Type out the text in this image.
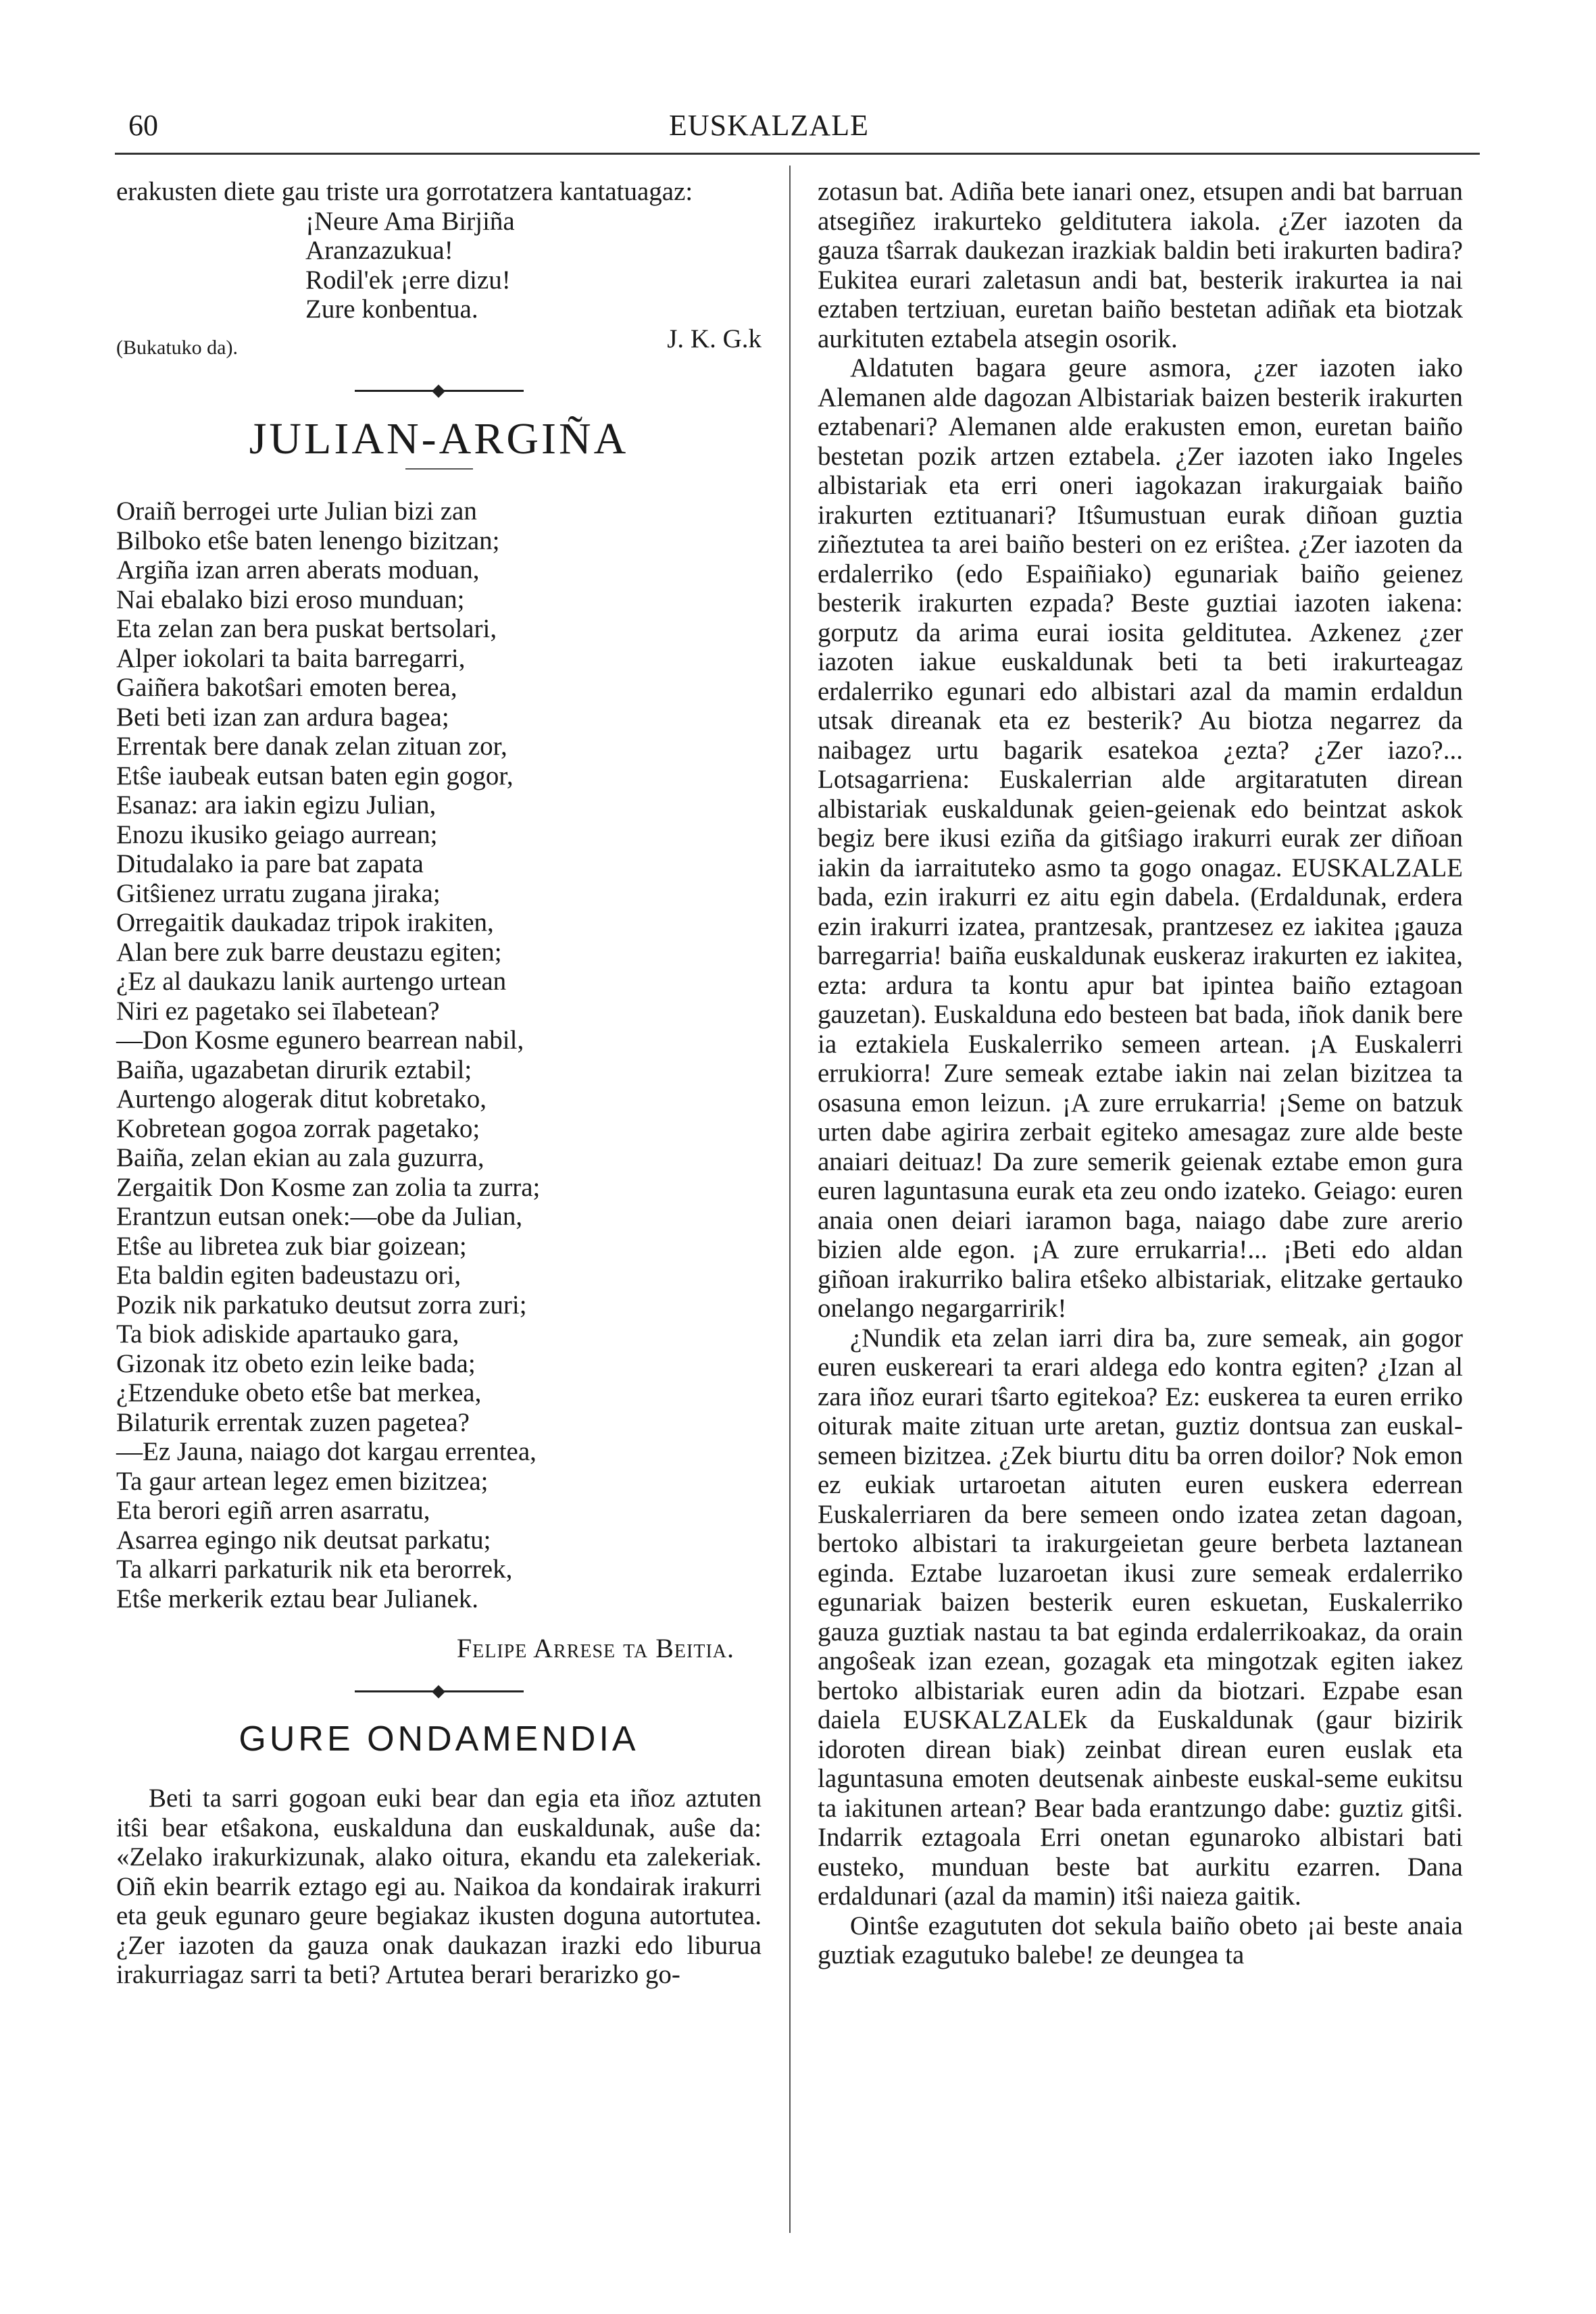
60	EUSKALZALE

erakusten diete gau triste ura gorrotatzera kantatuagaz:

¡Neure Ama Birjiña

Aranzazukua!

Rodil'ek ¡erre dizu!

Zure konbentua.

J. K. G.k

(Bukatuko da).

JULIAN-ARGIÑA

Oraiñ berrogei urte Julian bizi zan

Bilboko etŝe baten lenengo bizitzan;

Argiña izan arren aberats moduan,

Nai ebalako bizi eroso munduan;

Eta zelan zan bera puskat bertsolari,

Alper iokolari ta baita barregarri,

Gaiñera bakotŝari emoten berea,

Beti beti izan zan ardura bagea;

Errentak bere danak zelan zituan zor,

Etŝe iaubeak eutsan baten egin gogor,

Esanaz: ara iakin egizu Julian,

Enozu ikusiko geiago aurrean;

Ditudalako ia pare bat zapata

Gitŝienez urratu zugana jiraka;

Orregaitik daukadaz tripok irakiten,

Alan bere zuk barre deustazu egiten;

¿Ez al daukazu lanik aurtengo urtean

Niri ez pagetako sei īlabetean?

—Don Kosme egunero bearrean nabil,

Baiña, ugazabetan dirurik eztabil;

Aurtengo alogerak ditut kobretako,

Kobretean gogoa zorrak pagetako;

Baiña, zelan ekian au zala guzurra,

Zergaitik Don Kosme zan zolia ta zurra;

Erantzun eutsan onek:—obe da Julian,

Etŝe au libretea zuk biar goizean;

Eta baldin egiten badeustazu ori,

Pozik nik parkatuko deutsut zorra zuri;

Ta biok adiskide apartauko gara,

Gizonak itz obeto ezin leike bada;

¿Etzenduke obeto etŝe bat merkea,

Bilaturik errentak zuzen pagetea?

—Ez Jauna, naiago dot kargau errentea,

Ta gaur artean legez emen bizitzea;

Eta berori egiñ arren asarratu,

Asarrea egingo nik deutsat parkatu;

Ta alkarri parkaturik nik eta berorrek,

Etŝe merkerik eztau bear Julianek.

Felipe Arrese ta Beitia.

GURE ONDAMENDIA

Beti ta sarri gogoan euki bear dan egia eta iñoz aztuten itŝi bear etŝakona, euskalduna dan euskaldunak, auŝe da: «Zelako irakurkizunak, alako oitura, ekandu eta zalekeriak. Oiñ ekin bearrik eztago egi au. Naikoa da kondairak irakurri eta geuk egunaro geure begiakaz ikusten doguna autortutea. ¿Zer iazoten da gauza onak daukazan irazki edo liburua irakurriagaz sarri ta beti? Artutea berari berarizko go-

zotasun bat. Adiña bete ianari onez, etsupen andi bat barruan atsegiñez irakurteko gelditutera iakola. ¿Zer iazoten da gauza tŝarrak daukezan irazkiak baldin beti irakurten badira? Eukitea eurari zaletasun andi bat, besterik irakurtea ia nai eztaben tertziuan, euretan baiño bestetan adiñak eta biotzak aurkituten eztabela atsegin osorik.

Aldatuten bagara geure asmora, ¿zer iazoten iako Alemanen alde dagozan Albistariak baizen besterik irakurten eztabenari? Alemanen alde erakusten emon, euretan baiño bestetan pozik artzen eztabela. ¿Zer iazoten iako Ingeles albistariak eta erri oneri iagokazan irakurgaiak baiño irakurten eztituanari? Itŝumustuan eurak diñoan guztia ziñeztutea ta arei baiño besteri on ez eriŝtea. ¿Zer iazoten da erdalerriko (edo Espaiñiako) egunariak baiño geienez besterik irakurten ezpada? Beste guztiai iazoten iakena: gorputz da arima eurai iosita gelditutea. Azkenez ¿zer iazoten iakue euskaldunak beti ta beti irakurteagaz erdalerriko egunari edo albistari azal da mamin erdaldun utsak direanak eta ez besterik? Au biotza negarrez da naibagez urtu bagarik esatekoa ¿ezta? ¿Zer iazo?... Lotsagarriena: Euskalerrian alde argitaratuten direan albistariak euskaldunak geien-geienak edo beintzat askok begiz bere ikusi eziña da gitŝiago irakurri eurak zer diñoan iakin da iarraituteko asmo ta gogo onagaz. EUSKALZALE bada, ezin irakurri ez aitu egin dabela. (Erdaldunak, erdera ezin irakurri izatea, prantzesak, prantzesez ez iakitea ¡gauza barregarria! baiña euskaldunak euskeraz irakurten ez iakitea, ezta: ardura ta kontu apur bat ipintea baiño eztagoan gauzetan). Euskalduna edo besteen bat bada, iñok danik bere ia eztakiela Euskalerriko semeen artean. ¡A Euskalerri errukiorra! Zure semeak eztabe iakin nai zelan bizitzea ta osasuna emon leizun. ¡A zure errukarria! ¡Seme on batzuk urten dabe agirira zerbait egiteko amesagaz zure alde beste anaiari deituaz! Da zure semerik geienak eztabe emon gura euren laguntasuna eurak eta zeu ondo izateko. Geiago: euren anaia onen deiari iaramon baga, naiago dabe zure arerio bizien alde egon. ¡A zure errukarria!... ¡Beti edo aldan giñoan irakurriko balira etŝeko albistariak, elitzake gertauko onelango negargarririk!

¿Nundik eta zelan iarri dira ba, zure semeak, ain gogor euren euskereari ta erari aldega edo kontra egiten? ¿Izan al zara iñoz eurari tŝarto egitekoa? Ez: euskerea ta euren erriko oiturak maite zituan urte aretan, guztiz dontsua zan euskal-semeen bizitzea. ¿Zek biurtu ditu ba orren doilor? Nok emon ez eukiak urtaroetan aituten euren euskera ederrean Euskalerriaren da bere semeen ondo izatea zetan dagoan, bertoko albistari ta irakurgeietan geure berbeta laztanean eginda. Eztabe luzaroetan ikusi zure semeak erdalerriko egunariak baizen besterik euren eskuetan, Euskalerriko gauza guztiak nastau ta bat eginda erdalerrikoakaz, da orain angoŝeak izan ezean, gozagak eta mingotzak egiten iakez bertoko albistariak euren adin da biotzari. Ezpabe esan daiela EUSKALZALEk da Euskaldunak (gaur bizirik idoroten direan biak) zeinbat direan euren euslak eta laguntasuna emoten deutsenak ainbeste euskal-seme eukitsu ta iakitunen artean? Bear bada erantzungo dabe: guztiz gitŝi. Indarrik eztagoala Erri onetan egunaroko albistari bati eusteko, munduan beste bat aurkitu ezarren. Dana erdaldunari (azal da mamin) itŝi naieza gaitik.

Ointŝe ezagututen dot sekula baiño obeto ¡ai beste anaia guztiak ezagutuko balebe! ze deungea ta
